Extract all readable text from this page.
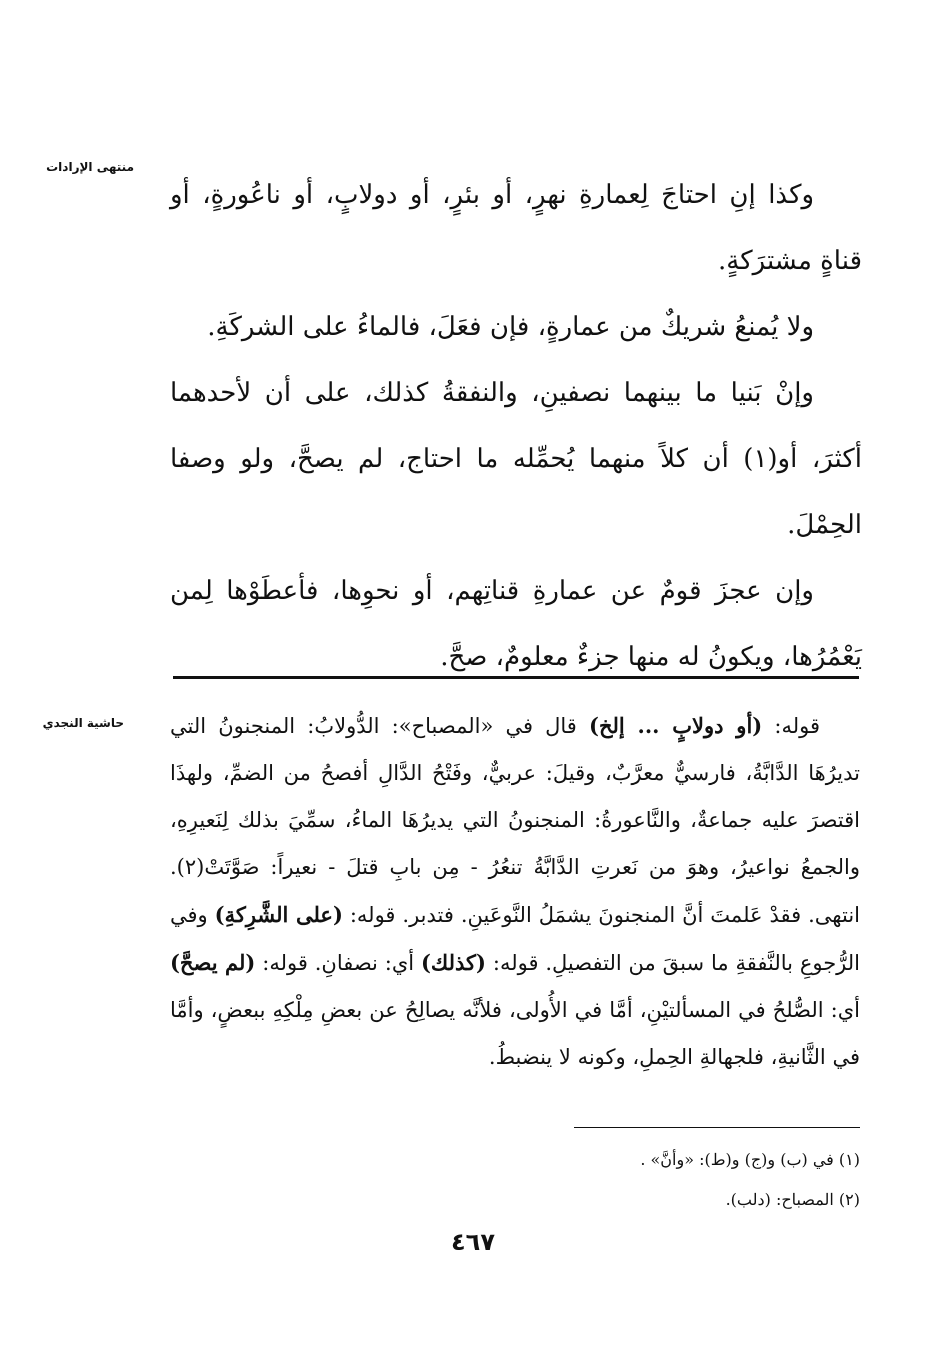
منتهى الإرادات

وكذا إنِ احتاجَ لِعمارةِ نهرٍ، أو بئرٍ، أو دولابٍ، أو ناعُورةٍ، أو قناةٍ مشترَكةٍ.

ولا يُمنعُ شريكٌ من عمارةٍ، فإن فعَلَ، فالماءُ على الشركَةِ.

وإنْ بَنيا ما بينهما نصفينِ، والنفقةُ كذلك، على أن لأحدهما أكثرَ، أو(١) أن كلاً منهما يُحمِّله ما احتاج، لم يصحَّ، ولو وصفا الحِمْلَ.

وإن عجزَ قومٌ عن عمارةِ قناتِهم، أو نحوِها، فأعطَوْها لِمن يَعْمُرُها، ويكونُ له منها جزءٌ معلومٌ، صحَّ.

حاشية النجدي	قوله: (أو دولابٍ ... إلخ) قال في «المصباح»: الدُّولابُ: المنجنونُ التي تديرُهَا الدَّابَّةُ، فارسيٌّ معرَّبٌ، وقيلَ: عربيٌّ، وفَتْحُ الدَّالِ أفصحُ من الضمِّ، ولهذَا اقتصرَ عليه جماعةٌ، والنَّاعورةُ: المنجنونُ التي يديرُهَا الماءُ، سمِّيَ بذلك لِنَعيرِهِ، والجمعُ نواعيرُ، وهوَ من نَعرتِ الدَّابَّةُ تنعُرُ - مِن بابِ قتلَ - نعيراً: صَوَّتَتْ(٢). انتهى. فقدْ عَلمتَ أنَّ المنجنونَ يشمَلُ النَّوعَينِ. فتدبر. قوله: (على الشَّرِكةِ) وفي الرُّجوعِ بالنَّفقةِ ما سبقَ من التفصيلِ. قوله: (كذلك) أي: نصفانِ. قوله: (لم يصحَّ) أي: الصُّلحُ في المسألتيْنِ، أمَّا في الأُولى، فلأنَّه يصالِحُ عن بعضِ مِلْكِهِ ببعضٍ، وأمَّا في الثَّانيةِ، فلجهالةِ الحِملِ، وكونه لا ينضبطُ.

(١) في (ب) و(ج) و(ط): «وأنَّ» .
(٢) المصباح: (دلب).
٤٦٧
